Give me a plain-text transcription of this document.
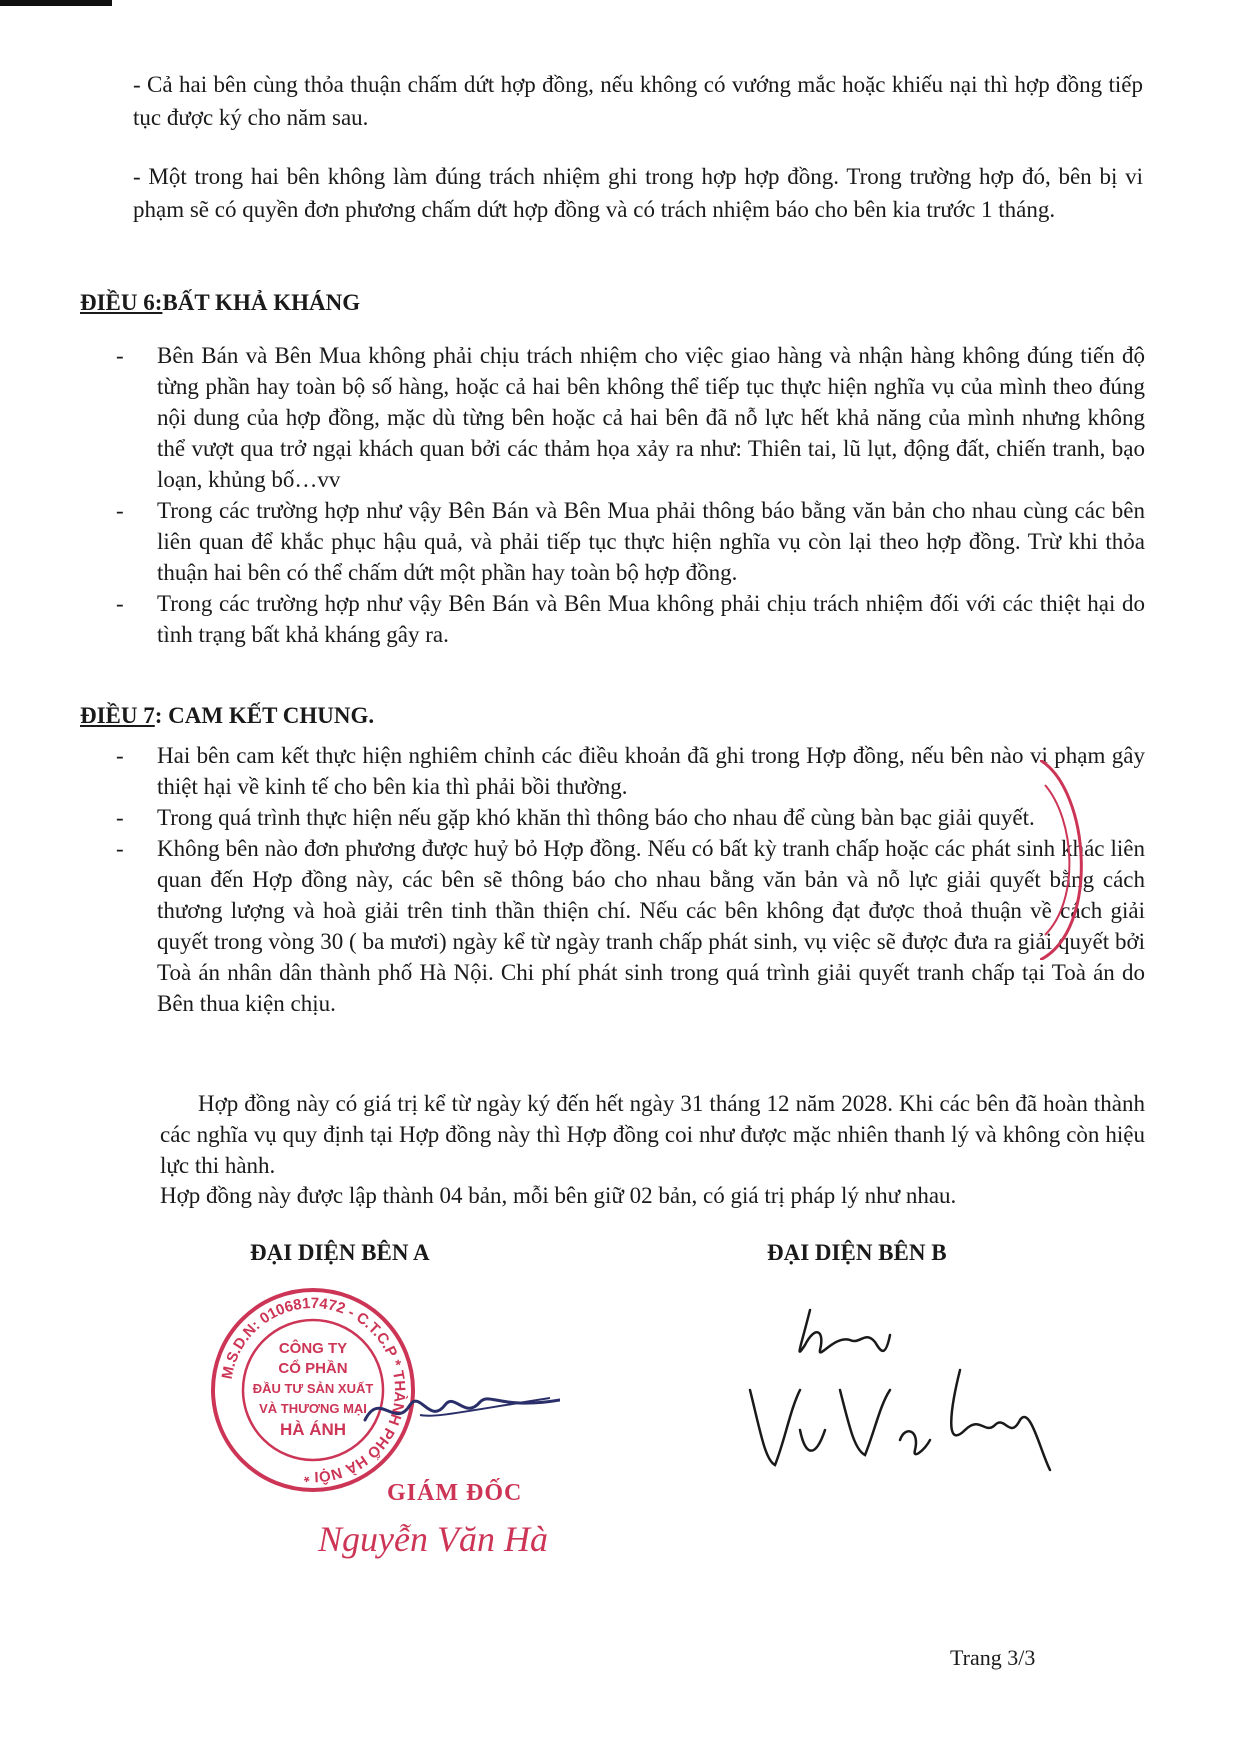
- Cả hai bên cùng thỏa thuận chấm dứt hợp đồng, nếu không có vướng mắc hoặc khiếu nại thì hợp đồng tiếp tục được ký cho năm sau.

- Một trong hai bên không làm đúng trách nhiệm ghi trong hợp hợp đồng. Trong trường hợp đó, bên bị vi phạm sẽ có quyền đơn phương chấm dứt hợp đồng và có trách nhiệm báo cho bên kia trước 1 tháng.

ĐIỀU 6:BẤT KHẢ KHÁNG

- Bên Bán và Bên Mua không phải chịu trách nhiệm cho việc giao hàng và nhận hàng không đúng tiến độ từng phần hay toàn bộ số hàng, hoặc cả hai bên không thể tiếp tục thực hiện nghĩa vụ của mình theo đúng nội dung của hợp đồng, mặc dù từng bên hoặc cả hai bên đã nỗ lực hết khả năng của mình nhưng không thể vượt qua trở ngại khách quan bởi các thảm họa xảy ra như: Thiên tai, lũ lụt, động đất, chiến tranh, bạo loạn, khủng bố…vv

- Trong các trường hợp như vậy Bên Bán và Bên Mua phải thông báo bằng văn bản cho nhau cùng các bên liên quan để khắc phục hậu quả, và phải tiếp tục thực hiện nghĩa vụ còn lại theo hợp đồng. Trừ khi thỏa thuận hai bên có thể chấm dứt một phần hay toàn bộ hợp đồng.

- Trong các trường hợp như vậy Bên Bán và Bên Mua không phải chịu trách nhiệm đối với các thiệt hại do tình trạng bất khả kháng gây ra.

ĐIỀU 7: CAM KẾT CHUNG.

- Hai bên cam kết thực hiện nghiêm chỉnh các điều khoản đã ghi trong Hợp đồng, nếu bên nào vi phạm gây thiệt hại về kinh tế cho bên kia thì phải bồi thường.

- Trong quá trình thực hiện nếu gặp khó khăn thì thông báo cho nhau để cùng bàn bạc giải quyết.

- Không bên nào đơn phương được huỷ bỏ Hợp đồng. Nếu có bất kỳ tranh chấp hoặc các phát sinh khác liên quan đến Hợp đồng này, các bên sẽ thông báo cho nhau bằng văn bản và nỗ lực giải quyết bằng cách thương lượng và hoà giải trên tinh thần thiện chí. Nếu các bên không đạt được thoả thuận về cách giải quyết trong vòng 30 ( ba mươi) ngày kể từ ngày tranh chấp phát sinh, vụ việc sẽ được đưa ra giải quyết bởi Toà án nhân dân thành phố Hà Nội. Chi phí phát sinh trong quá trình giải quyết tranh chấp tại Toà án do Bên thua kiện chịu.

Hợp đồng này có giá trị kể từ ngày ký đến hết ngày 31 tháng 12 năm 2028. Khi các bên đã hoàn thành các nghĩa vụ quy định tại Hợp đồng này thì Hợp đồng coi như được mặc nhiên thanh lý và không còn hiệu lực thi hành.

Hợp đồng này được lập thành 04 bản, mỗi bên giữ 02 bản, có giá trị pháp lý như nhau.

ĐẠI DIỆN BÊN A	ĐẠI DIỆN BÊN B
M.S.D.N: 0106817472 - C.T.C.P * THÀNH PHỐ HÀ NỘI *
CÔNG TY
CỔ PHẦN
ĐẦU TƯ SẢN XUẤT
VÀ THƯƠNG MẠI
HÀ ÁNH
GIÁM ĐỐC
Nguyễn Văn Hà
Trang 3/3
